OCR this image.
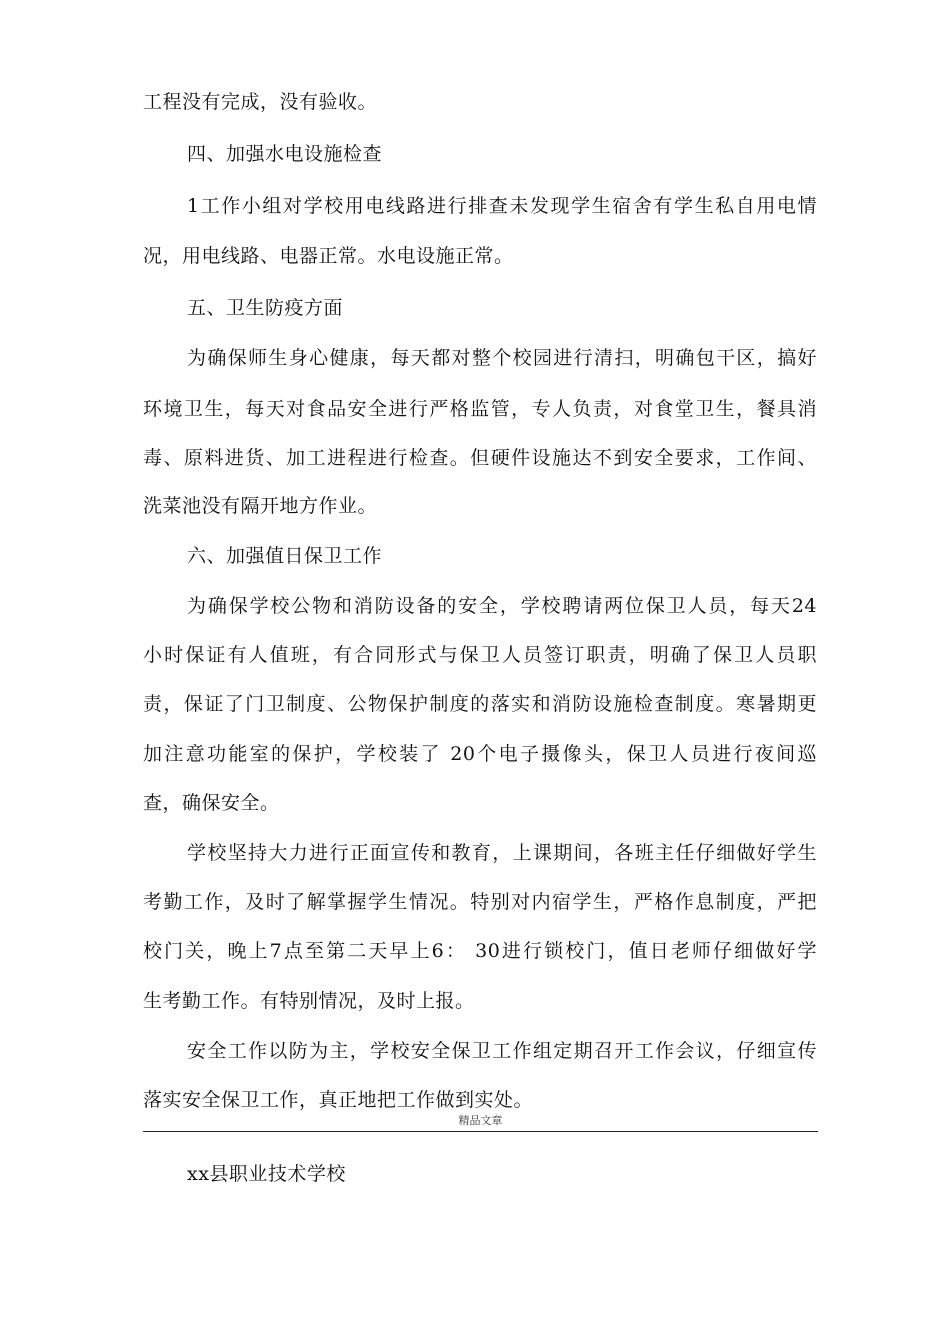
工程没有完成，没有验收。
四、加强水电设施检查
1工作小组对学校用电线路进行排查未发现学生宿舍有学生私自用电情
况，用电线路、电器正常。水电设施正常。
五、卫生防疫方面
为确保师生身心健康，每天都对整个校园进行清扫，明确包干区，搞好
环境卫生，每天对食品安全进行严格监管，专人负责，对食堂卫生，餐具消
毒、原料进货、加工进程进行检查。但硬件设施达不到安全要求，工作间、
洗菜池没有隔开地方作业。
六、加强值日保卫工作
为确保学校公物和消防设备的安全，学校聘请两位保卫人员，每天24
小时保证有人值班，有合同形式与保卫人员签订职责，明确了保卫人员职
责，保证了门卫制度、公物保护制度的落实和消防设施检查制度。寒暑期更
加注意功能室的保护，学校装了 20个电子摄像头，保卫人员进行夜间巡
查，确保安全。
学校坚持大力进行正面宣传和教育，上课期间，各班主任仔细做好学生
考勤工作，及时了解掌握学生情况。特别对内宿学生，严格作息制度，严把
校门关，晚上7点至第二天早上6： 30进行锁校门，值日老师仔细做好学
生考勤工作。有特别情况，及时上报。
安全工作以防为主，学校安全保卫工作组定期召开工作会议，仔细宣传
落实安全保卫工作，真正地把工作做到实处。
精品文章
xx县职业技术学校
